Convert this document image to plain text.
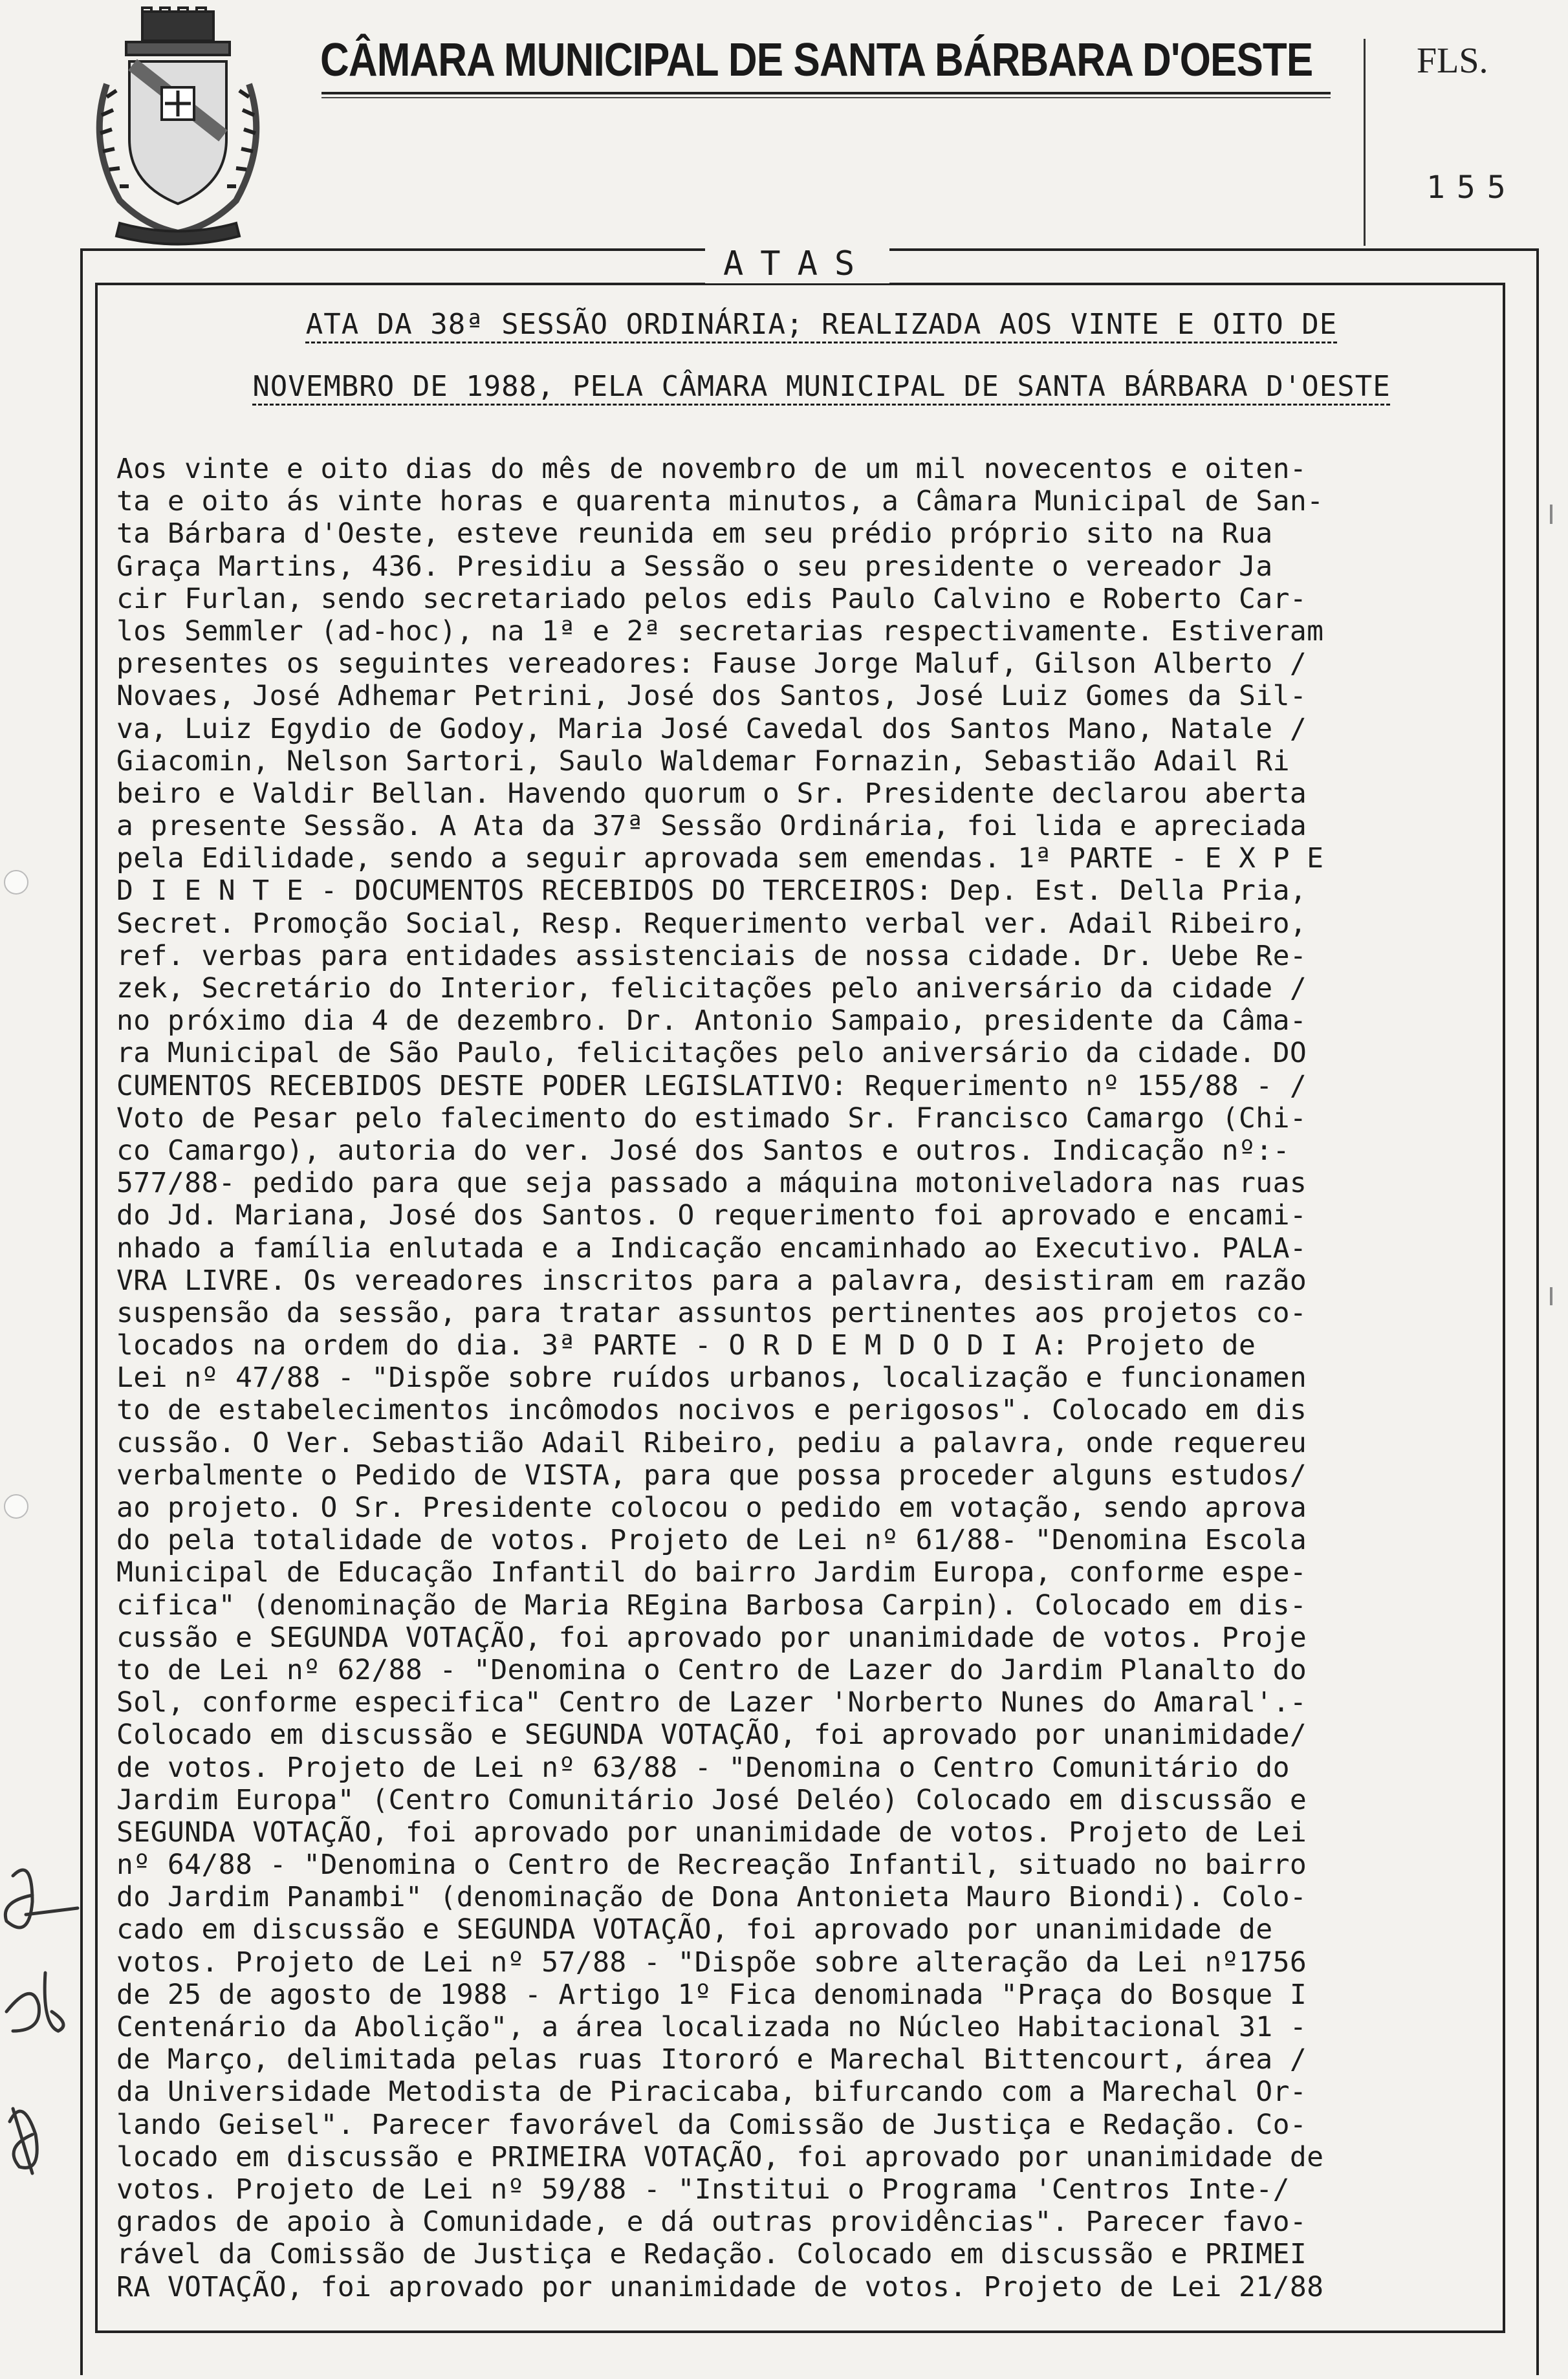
CÂMARA MUNICIPAL DE SANTA BÁRBARA D'OESTE	FLS.
155
ATAS
ATA DA 38ª SESSÃO ORDINÁRIA; REALIZADA AOS VINTE E OITO DE
NOVEMBRO DE 1988, PELA CÂMARA MUNICIPAL DE SANTA BÁRBARA D'OESTE
Aos vinte e oito dias do mês de novembro de um mil novecentos e oiten-
ta e oito ás vinte horas e quarenta minutos, a Câmara Municipal de San-
ta Bárbara d'Oeste, esteve reunida em seu prédio próprio sito na Rua
Graça Martins, 436. Presidiu a Sessão o seu presidente o vereador Ja
cir Furlan, sendo secretariado pelos edis Paulo Calvino e Roberto Car-
los Semmler (ad-hoc), na 1ª e 2ª secretarias respectivamente. Estiveram
presentes os seguintes vereadores: Fause Jorge Maluf, Gilson Alberto /
Novaes, José Adhemar Petrini, José dos Santos, José Luiz Gomes da Sil-
va, Luiz Egydio de Godoy, Maria José Cavedal dos Santos Mano, Natale /
Giacomin, Nelson Sartori, Saulo Waldemar Fornazin, Sebastião Adail Ri
beiro e Valdir Bellan. Havendo quorum o Sr. Presidente declarou aberta
a presente Sessão. A Ata da 37ª Sessão Ordinária, foi lida e apreciada
pela Edilidade, sendo a seguir aprovada sem emendas. 1ª PARTE - E X P E
D I E N T E - DOCUMENTOS RECEBIDOS DO TERCEIROS: Dep. Est. Della Pria,
Secret. Promoção Social, Resp. Requerimento verbal ver. Adail Ribeiro,
ref. verbas para entidades assistenciais de nossa cidade. Dr. Uebe Re-
zek, Secretário do Interior, felicitações pelo aniversário da cidade /
no próximo dia 4 de dezembro. Dr. Antonio Sampaio, presidente da Câma-
ra Municipal de São Paulo, felicitações pelo aniversário da cidade. DO
CUMENTOS RECEBIDOS DESTE PODER LEGISLATIVO: Requerimento nº 155/88 - /
Voto de Pesar pelo falecimento do estimado Sr. Francisco Camargo (Chi-
co Camargo), autoria do ver. José dos Santos e outros. Indicação nº:-
577/88- pedido para que seja passado a máquina motoniveladora nas ruas
do Jd. Mariana, José dos Santos. O requerimento foi aprovado e encami-
nhado a família enlutada e a Indicação encaminhado ao Executivo. PALA-
VRA LIVRE. Os vereadores inscritos para a palavra, desistiram em razão
suspensão da sessão, para tratar assuntos pertinentes aos projetos co-
locados na ordem do dia. 3ª PARTE - O R D E M D O D I A: Projeto de
Lei nº 47/88 - "Dispõe sobre ruídos urbanos, localização e funcionamen
to de estabelecimentos incômodos nocivos e perigosos". Colocado em dis
cussão. O Ver. Sebastião Adail Ribeiro, pediu a palavra, onde requereu
verbalmente o Pedido de VISTA, para que possa proceder alguns estudos/
ao projeto. O Sr. Presidente colocou o pedido em votação, sendo aprova
do pela totalidade de votos. Projeto de Lei nº 61/88- "Denomina Escola
Municipal de Educação Infantil do bairro Jardim Europa, conforme espe-
cifica" (denominação de Maria REgina Barbosa Carpin). Colocado em dis-
cussão e SEGUNDA VOTAÇÃO, foi aprovado por unanimidade de votos. Proje
to de Lei nº 62/88 - "Denomina o Centro de Lazer do Jardim Planalto do
Sol, conforme especifica" Centro de Lazer 'Norberto Nunes do Amaral'.-
Colocado em discussão e SEGUNDA VOTAÇÃO, foi aprovado por unanimidade/
de votos. Projeto de Lei nº 63/88 - "Denomina o Centro Comunitário do
Jardim Europa" (Centro Comunitário José Deléo) Colocado em discussão e
SEGUNDA VOTAÇÃO, foi aprovado por unanimidade de votos. Projeto de Lei
nº 64/88 - "Denomina o Centro de Recreação Infantil, situado no bairro
do Jardim Panambi" (denominação de Dona Antonieta Mauro Biondi). Colo-
cado em discussão e SEGUNDA VOTAÇÃO, foi aprovado por unanimidade de
votos. Projeto de Lei nº 57/88 - "Dispõe sobre alteração da Lei nº1756
de 25 de agosto de 1988 - Artigo 1º Fica denominada "Praça do Bosque I
Centenário da Abolição", a área localizada no Núcleo Habitacional 31 -
de Março, delimitada pelas ruas Itororó e Marechal Bittencourt, área /
da Universidade Metodista de Piracicaba, bifurcando com a Marechal Or-
lando Geisel". Parecer favorável da Comissão de Justiça e Redação. Co-
locado em discussão e PRIMEIRA VOTAÇÃO, foi aprovado por unanimidade de
votos. Projeto de Lei nº 59/88 - "Institui o Programa 'Centros Inte-/
grados de apoio à Comunidade, e dá outras providências". Parecer favo-
rável da Comissão de Justiça e Redação. Colocado em discussão e PRIMEI
RA VOTAÇÃO, foi aprovado por unanimidade de votos. Projeto de Lei 21/88
